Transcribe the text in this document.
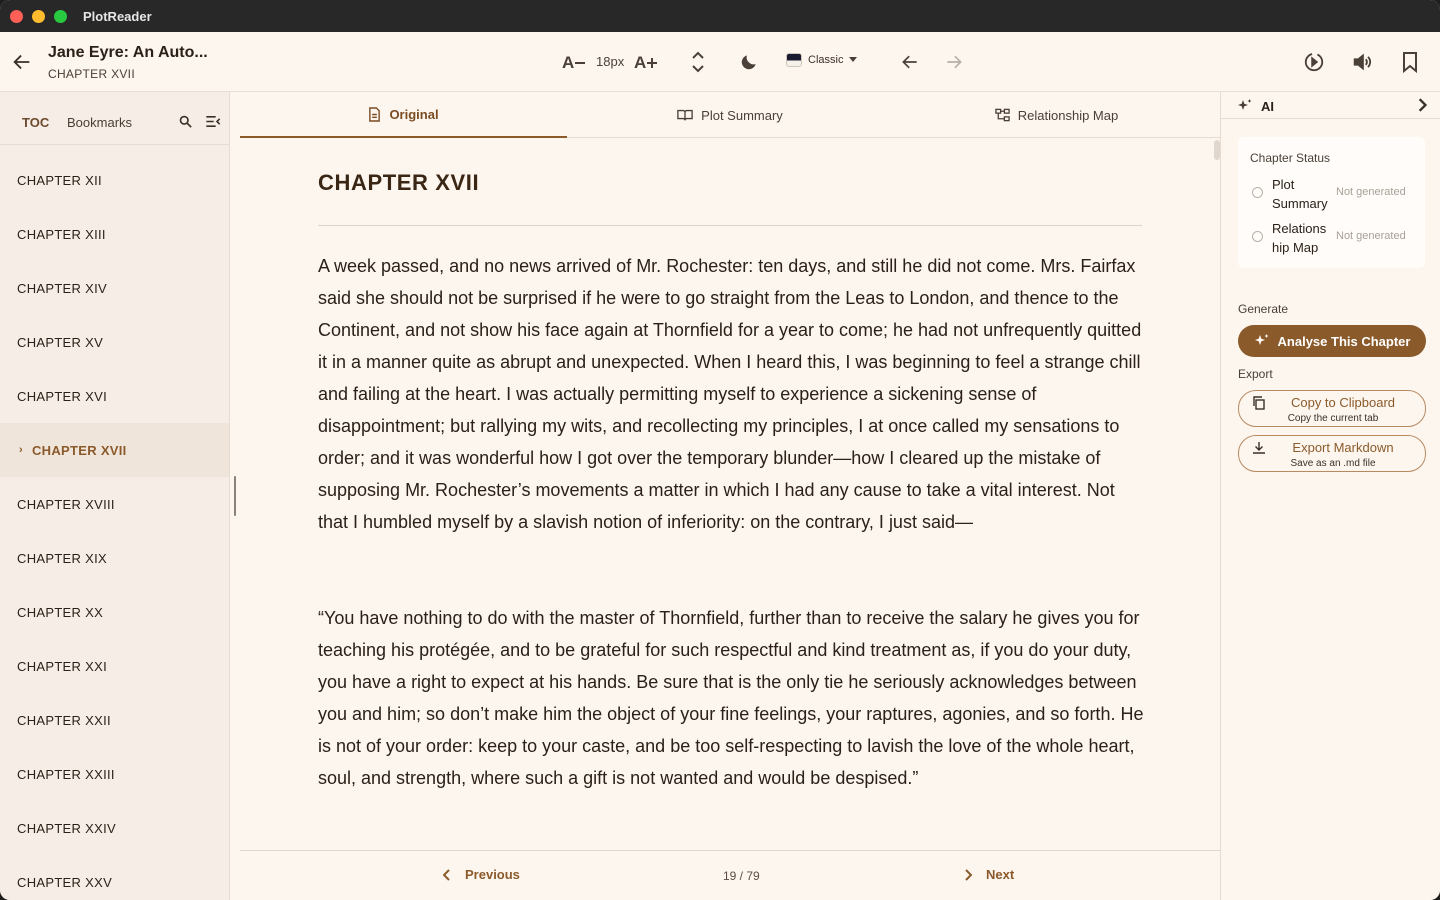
PlotReader
Jane Eyre: An Auto...
CHAPTER XVII
A 18px A	Classic
TOC Bookmarks
CHAPTER XII
CHAPTER XIII
CHAPTER XIV
CHAPTER XV
CHAPTER XVI
› CHAPTER XVII
CHAPTER XVIII
CHAPTER XIX
CHAPTER XX
CHAPTER XXI
CHAPTER XXII
CHAPTER XXIII
CHAPTER XXIV
CHAPTER XXV
Original	Plot Summary	Relationship Map
CHAPTER XVII

A week passed, and no news arrived of Mr. Rochester: ten days, and still he did not come. Mrs. Fairfax said she should not be surprised if he were to go straight from the Leas to London, and thence to the Continent, and not show his face again at Thornfield for a year to come; he had not unfrequently quitted it in a manner quite as abrupt and unexpected. When I heard this, I was beginning to feel a strange chill and failing at the heart. I was actually permitting myself to experience a sickening sense of disappointment; but rallying my wits, and recollecting my principles, I at once called my sensations to order; and it was wonderful how I got over the temporary blunder—how I cleared up the mistake of supposing Mr. Rochester’s movements a matter in which I had any cause to take a vital interest. Not that I humbled myself by a slavish notion of inferiority: on the contrary, I just said—

“You have nothing to do with the master of Thornfield, further than to receive the salary he gives you for teaching his protégée, and to be grateful for such respectful and kind treatment as, if you do your duty, you have a right to expect at his hands. Be sure that is the only tie he seriously acknowledges between you and him; so don’t make him the object of your fine feelings, your raptures, agonies, and so forth. He is not of your order: keep to your caste, and be too self-respecting to lavish the love of the whole heart, soul, and strength, where such a gift is not wanted and would be despised.”

Previous	19 / 79	Next
AI
Chapter Status
Plot Summary
Not generated
Relations hip Map
Not generated
Generate
Analyse This Chapter
Export
Copy to Clipboard
Copy the current tab
Export Markdown
Save as an .md file
